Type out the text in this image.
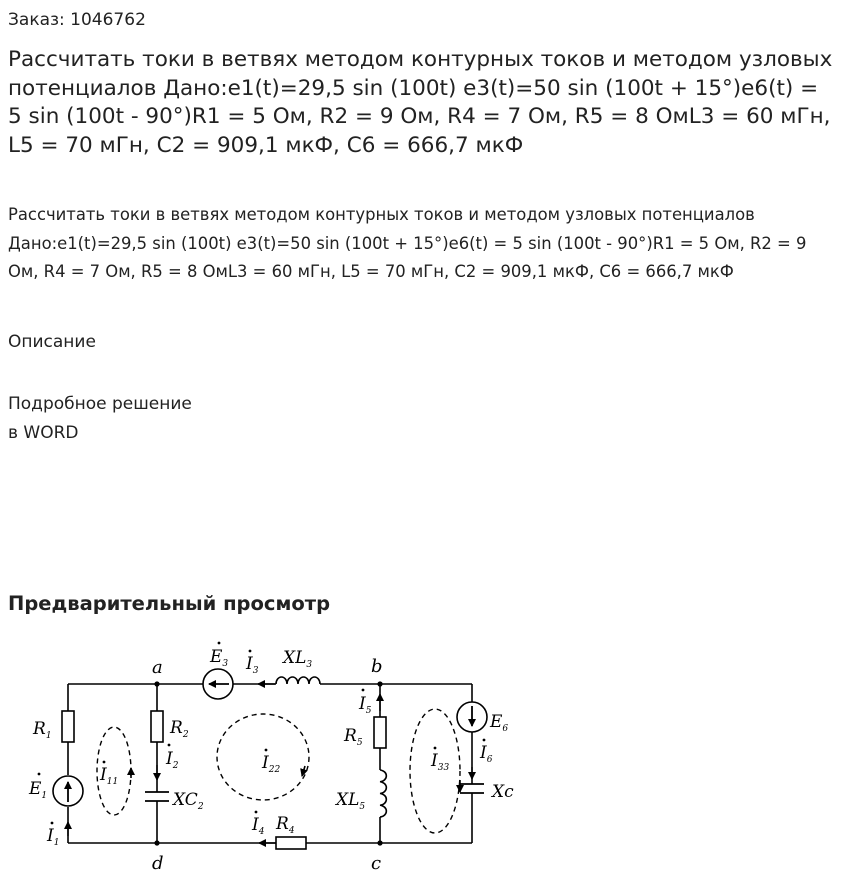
Заказ: 1046762
Рассчитать токи в ветвях методом контурных токов и методом узловых потенциалов Дано:e1(t)=29,5 sin (100t) e3(t)=50 sin (100t + 15°)e6(t) = 5 sin (100t - 90°)R1 = 5 Ом, R2 = 9 Ом, R4 = 7 Ом, R5 = 8 ОмL3 = 60 мГн, L5 = 70 мГн, C2 = 909,1 мкФ, C6 = 666,7 мкФ
Рассчитать токи в ветвях методом контурных токов и методом узловых потенциалов Дано:e1(t)=29,5 sin (100t) e3(t)=50 sin (100t + 15°)e6(t) = 5 sin (100t - 90°)R1 = 5 Ом, R2 = 9 Ом, R4 = 7 Ом, R5 = 8 ОмL3 = 60 мГн, L5 = 70 мГн, C2 = 909,1 мкФ, C6 = 666,7 мкФ
Описание
Подробное решение
в WORD
Предварительный просмотр
a	b
d	c
$R_1$	$R_2$	$R_5$
$R_4$
$E_1$
$E_3$
$E_6$
$XL_3$
$XL_5$
$XC_2$
Xc
$I_1$
$I_2$
$I_3$
$I_4$
$I_5$
$I_6$
$I_{11}$
$I_{22}$	$I_{33}$
